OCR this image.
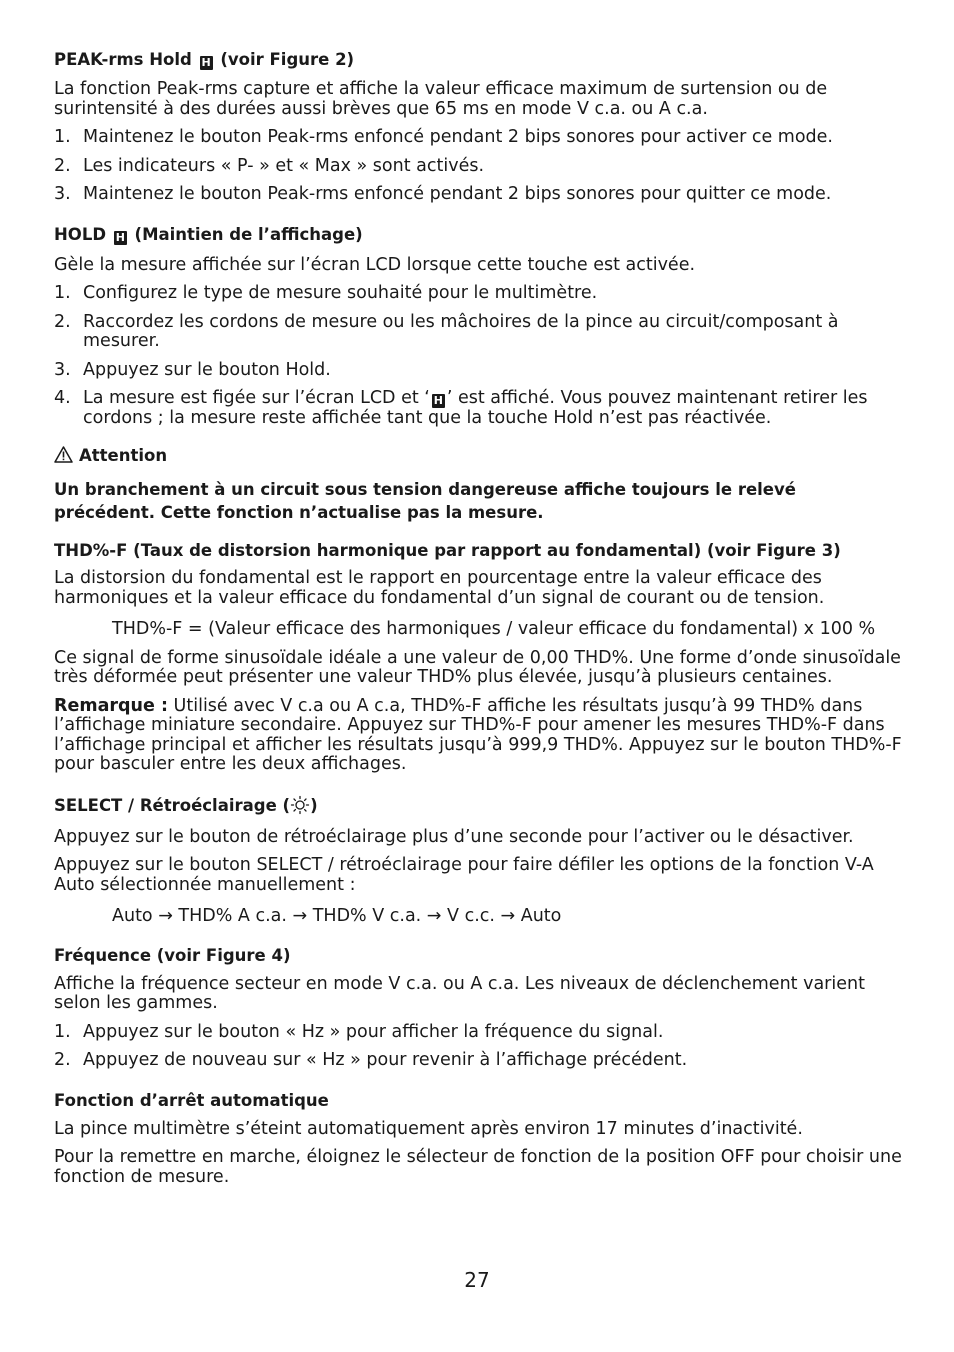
PEAK-rms Hold H (voir Figure 2)
La fonction Peak-rms capture et affiche la valeur efficace maximum de surtension ou de surintensité à des durées aussi brèves que 65 ms en mode V c.a. ou A c.a.
1. Maintenez le bouton Peak-rms enfoncé pendant 2 bips sonores pour activer ce mode.
2. Les indicateurs « P- » et « Max » sont activés.
3. Maintenez le bouton Peak-rms enfoncé pendant 2 bips sonores pour quitter ce mode.
HOLD H (Maintien de l’affichage)
Gèle la mesure affichée sur l’écran LCD lorsque cette touche est activée.
1. Configurez le type de mesure souhaité pour le multimètre.
2. Raccordez les cordons de mesure ou les mâchoires de la pince au circuit/composant à mesurer.
3. Appuyez sur le bouton Hold.
4. La mesure est figée sur l’écran LCD et ‘ H ’ est affiché. Vous pouvez maintenant retirer les cordons ; la mesure reste affichée tant que la touche Hold n’est pas réactivée.
Attention
Un branchement à un circuit sous tension dangereuse affiche toujours le relevé précédent. Cette fonction n’actualise pas la mesure.
THD%-F (Taux de distorsion harmonique par rapport au fondamental) (voir Figure 3)
La distorsion du fondamental est le rapport en pourcentage entre la valeur efficace des harmoniques et la valeur efficace du fondamental d’un signal de courant ou de tension.
THD%-F = (Valeur efficace des harmoniques / valeur efficace du fondamental) x 100 %
Ce signal de forme sinusoïdale idéale a une valeur de 0,00 THD%. Une forme d’onde sinusoïdale très déformée peut présenter une valeur THD% plus élevée, jusqu’à plusieurs centaines.
Remarque : Utilisé avec V c.a ou A c.a, THD%-F affiche les résultats jusqu’à 99 THD% dans l’affichage miniature secondaire. Appuyez sur THD%-F pour amener les mesures THD%-F dans l’affichage principal et afficher les résultats jusqu’à 999,9 THD%. Appuyez sur le bouton THD%-F pour basculer entre les deux affichages.
SELECT / Rétroéclairage ( )
Appuyez sur le bouton de rétroéclairage plus d’une seconde pour l’activer ou le désactiver.
Appuyez sur le bouton SELECT / rétroéclairage pour faire défiler les options de la fonction V-A Auto sélectionnée manuellement :
Auto → THD% A c.a. → THD% V c.a. → V c.c. → Auto
Fréquence (voir Figure 4)
Affiche la fréquence secteur en mode V c.a. ou A c.a. Les niveaux de déclenchement varient selon les gammes.
1. Appuyez sur le bouton « Hz » pour afficher la fréquence du signal.
2. Appuyez de nouveau sur « Hz » pour revenir à l’affichage précédent.
Fonction d’arrêt automatique
La pince multimètre s’éteint automatiquement après environ 17 minutes d’inactivité.
Pour la remettre en marche, éloignez le sélecteur de fonction de la position OFF pour choisir une fonction de mesure.
27
